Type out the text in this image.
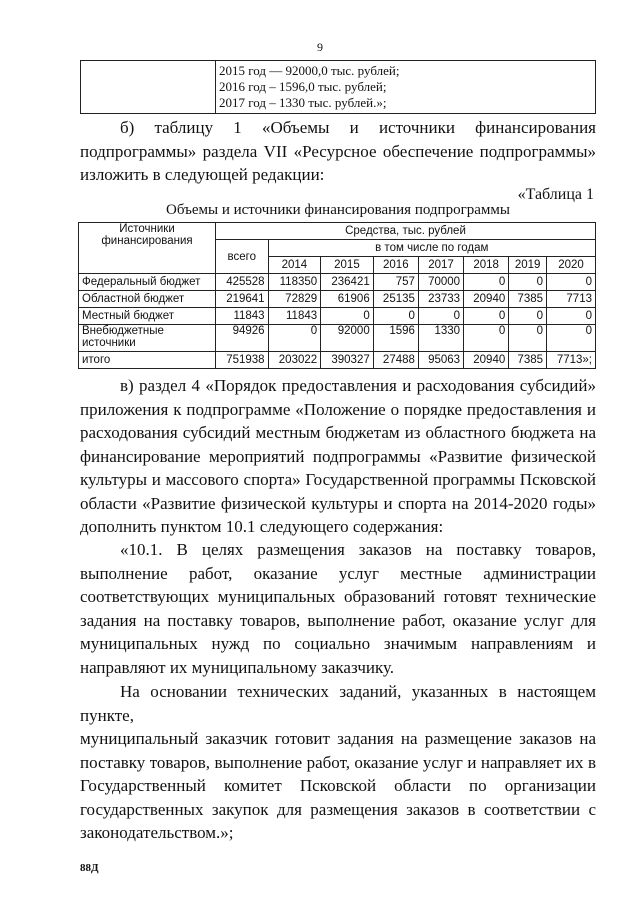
9

2015 год — 92000,0 тыс. рублей;
2016 год – 1596,0 тыс. рублей;
2017 год – 1330 тыс. рублей.»;
б) таблицу 1 «Объемы и источники финансирования
подпрограммы» раздела VII «Ресурсное обеспечение подпрограммы»
изложить в следующей редакции:
«Таблица 1
Объемы и источники финансирования подпрограммы
Источники финансирования	Средства, тыс. рублей							
	всего	в том числе по годам						
		2014	2015	2016	2017	2018	2019	2020
Федеральный бюджет	425528	118350	236421	757	70000	0	0	0
Областной бюджет	219641	72829	61906	25135	23733	20940	7385	7713
Местный бюджет	11843	11843	0	0	0	0	0	0
Внебюджетные источники	94926	0	92000	1596	1330	0	0	0
итого	751938	203022	390327	27488	95063	20940	7385	7713»;
в) раздел 4 «Порядок предоставления и расходования субсидий»
приложения к подпрограмме «Положение о порядке предоставления и
расходования субсидий местным бюджетам из областного бюджета на
финансирование мероприятий подпрограммы «Развитие физической
культуры и массового спорта» Государственной программы Псковской
области «Развитие физической культуры и спорта на 2014-2020 годы»
дополнить пунктом 10.1 следующего содержания:
«10.1. В целях размещения заказов на поставку товаров,
выполнение работ, оказание услуг местные администрации
соответствующих муниципальных образований готовят технические
задания на поставку товаров, выполнение работ, оказание услуг для
муниципальных нужд по социально значимым направлениям и
направляют их муниципальному заказчику.
На основании технических заданий, указанных в настоящем пункте,
муниципальный заказчик готовит задания на размещение заказов на
поставку товаров, выполнение работ, оказание услуг и направляет их в
Государственный комитет Псковской области по организации
государственных закупок для размещения заказов в соответствии с
законодательством.»;
88Д
